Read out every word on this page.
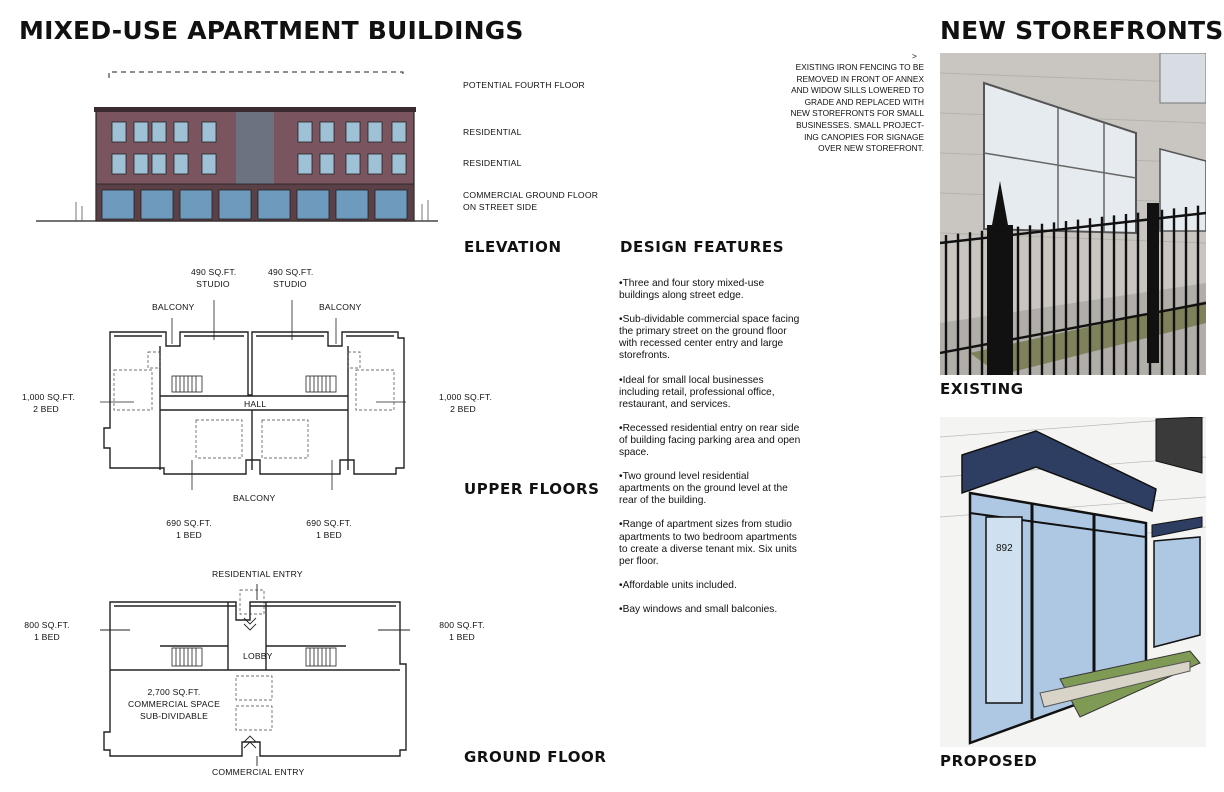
MIXED-USE APARTMENT BUILDINGS	NEW STOREFRONTS
POTENTIAL FOURTH FLOOR
RESIDENTIAL
RESIDENTIAL
COMMERCIAL GROUND FLOOR
ON STREET SIDE
ELEVATION
490 SQ.FT.
STUDIO
490 SQ.FT.
STUDIO
BALCONY	BALCONY
HALL
1,000 SQ.FT.
2 BED
1,000 SQ.FT.
2 BED
BALCONY
690 SQ.FT.
1 BED
690 SQ.FT.
1 BED
UPPER FLOORS
RESIDENTIAL ENTRY
800 SQ.FT.
1 BED
800 SQ.FT.
1 BED
LOBBY
2,700 SQ.FT.
COMMERCIAL SPACE
SUB-DIVIDABLE
COMMERCIAL ENTRY
GROUND FLOOR
DESIGN FEATURES

•Three and four story mixed-use buildings along street edge.

•Sub-dividable commercial space facing the primary street on the ground floor with recessed center entry and large storefronts.

•Ideal for small local businesses including retail, professional office, restaurant, and services.

•Recessed residential entry on rear side of building facing parking area and open space.

•Two ground level residential apartments on the ground level at the rear of the building.

•Range of apartment sizes from studio apartments to two bedroom apartments to create a diverse tenant mix. Six units per floor.

•Affordable units included.

•Bay windows and small balconies.

>
EXISTING IRON FENCING TO BE REMOVED IN FRONT OF ANNEX AND WIDOW SILLS LOWERED TO GRADE AND REPLACED WITH NEW STOREFRONTS FOR SMALL BUSINESSES. SMALL PROJECT-ING CANOPIES FOR SIGNAGE OVER NEW STOREFRONT.
EXISTING
892
PROPOSED
